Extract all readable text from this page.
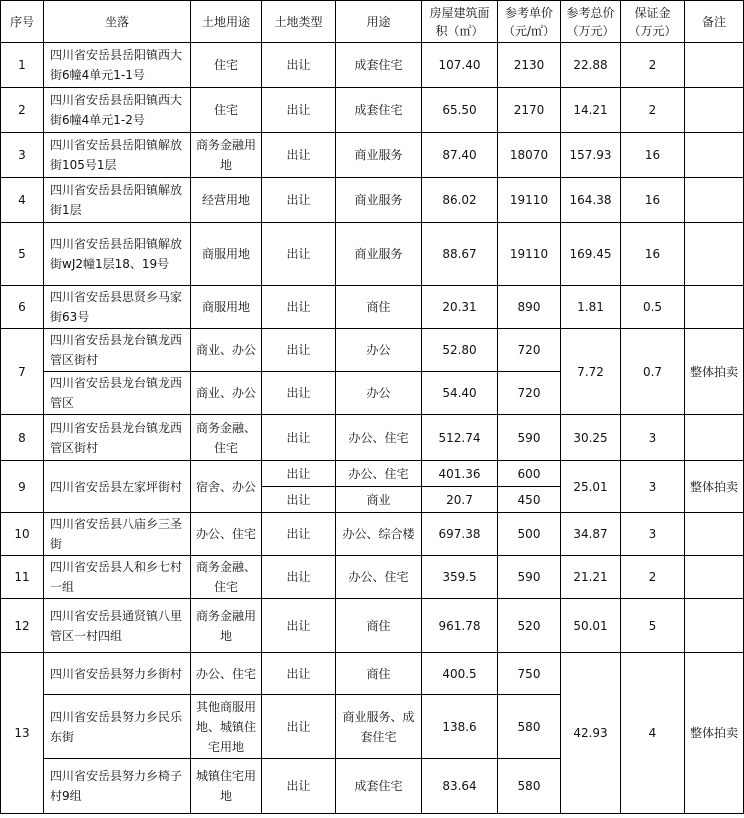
序号	坐落	土地用途	土地类型	用途	房屋建筑面积（㎡）	参考单价（元/㎡）	参考总价（万元）	保证金（万元）	备注
1	四川省安岳县岳阳镇西大街6幢4单元1-1号	住宅	出让	成套住宅	107.40	2130	22.88	2	
2	四川省安岳县岳阳镇西大街6幢4单元1-2号	住宅	出让	成套住宅	65.50	2170	14.21	2	
3	四川省安岳县岳阳镇解放街105号1层	商务金融用地	出让	商业服务	87.40	18070	157.93	16	
4	四川省安岳县岳阳镇解放街1层	经营用地	出让	商业服务	86.02	19110	164.38	16	
5	四川省安岳县岳阳镇解放街wJ2幢1层18、19号	商服用地	出让	商业服务	88.67	19110	169.45	16	
6	四川省安岳县思贤乡马家街63号	商服用地	出让	商住	20.31	890	1.81	0.5	
7	四川省安岳县龙台镇龙西管区街村	商业、办公	出让	办公	52.80	720	7.72	0.7	整体拍卖
	四川省安岳县龙台镇龙西管区	商业、办公	出让	办公	54.40	720			
8	四川省安岳县龙台镇龙西管区街村	商务金融、住宅	出让	办公、住宅	512.74	590	30.25	3	
9	四川省安岳县左家坪街村	宿舍、办公	出让	办公、住宅	401.36	600	25.01	3	整体拍卖
			出让	商业	20.7	450			
10	四川省安岳县八庙乡三圣街	办公、住宅	出让	办公、综合楼	697.38	500	34.87	3	
11	四川省安岳县人和乡七村一组	商务金融、住宅	出让	办公、住宅	359.5	590	21.21	2	
12	四川省安岳县通贤镇八里管区一村四组	商务金融用地	出让	商住	961.78	520	50.01	5	
13	四川省安岳县努力乡街村	办公、住宅	出让	商住	400.5	750	42.93	4	整体拍卖
	四川省安岳县努力乡民乐东街	其他商服用地、城镇住宅用地	出让	商业服务、成套住宅	138.6	580			
	四川省安岳县努力乡椅子村9组	城镇住宅用地	出让	成套住宅	83.64	580			
